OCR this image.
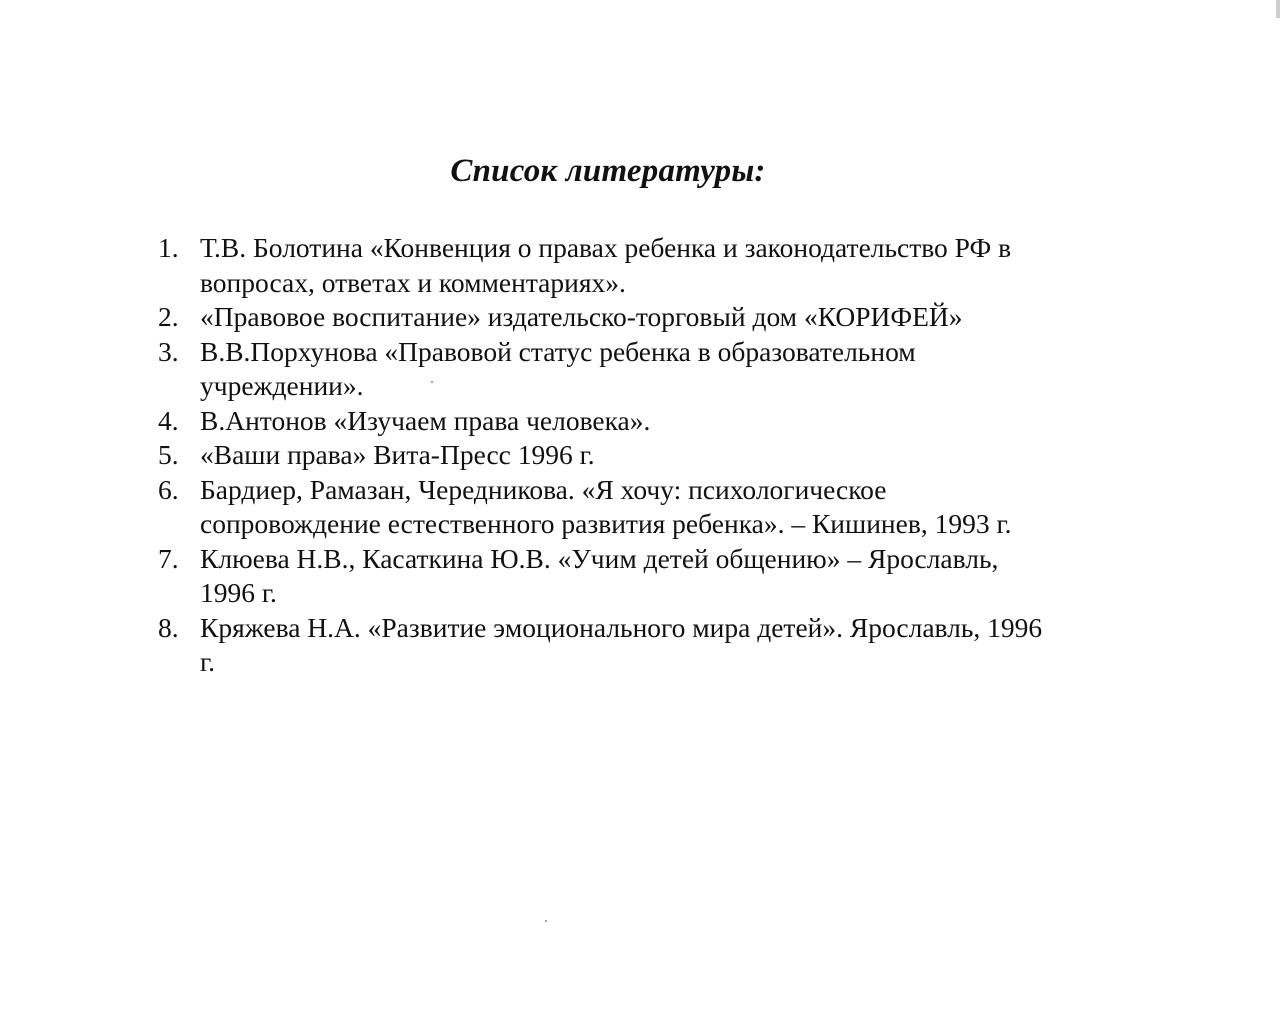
Список литературы:
1. Т.В. Болотина «Конвенция о правах ребенка и законодательство РФ в вопросах, ответах и комментариях».
2. «Правовое воспитание» издательско-торговый дом «КОРИФЕЙ»
3. В.В.Порхунова «Правовой статус ребенка в образовательном учреждении».
4. В.Антонов «Изучаем права человека».
5. «Ваши права» Вита-Пресс 1996 г.
6. Бардиер, Рамазан, Чередникова. «Я хочу: психологическое сопровождение естественного развития ребенка». – Кишинев, 1993 г.
7. Клюева Н.В., Касаткина Ю.В. «Учим детей общению» – Ярославль, 1996 г.
8. Кряжева Н.А. «Развитие эмоционального мира детей». Ярославль, 1996 г.
